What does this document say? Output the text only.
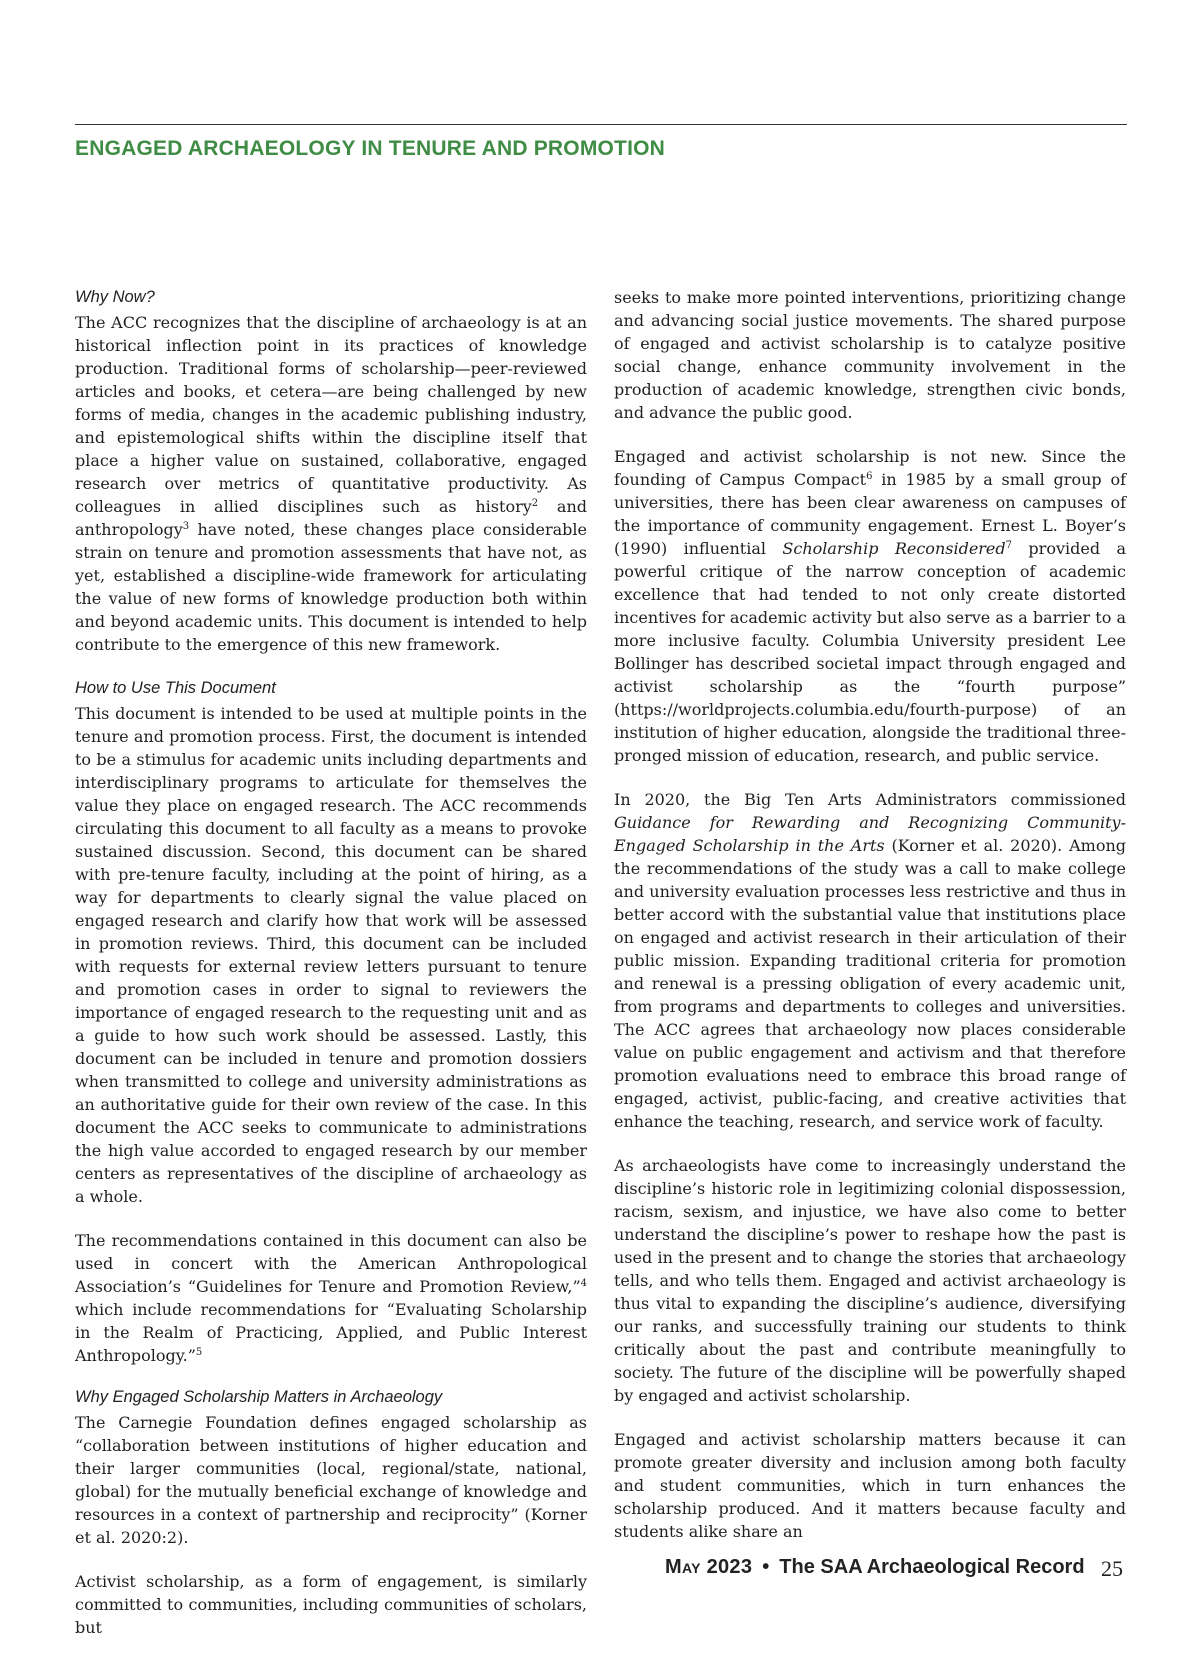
ENGAGED ARCHAEOLOGY IN TENURE AND PROMOTION
Why Now?

The ACC recognizes that the discipline of archaeology is at an historical inflection point in its practices of knowledge production. Traditional forms of scholarship—peer-reviewed articles and books, et cetera—are being challenged by new forms of media, changes in the academic publishing industry, and epistemological shifts within the discipline itself that place a higher value on sustained, collaborative, engaged research over metrics of quantitative productivity. As colleagues in allied disciplines such as history$^2$ and anthropology$^3$ have noted, these changes place considerable strain on tenure and promotion assessments that have not, as yet, established a discipline-wide framework for articulating the value of new forms of knowledge production both within and beyond academic units. This document is intended to help contribute to the emergence of this new framework.

How to Use This Document

This document is intended to be used at multiple points in the tenure and promotion process. First, the document is intended to be a stimulus for academic units including departments and interdisciplinary programs to articulate for themselves the value they place on engaged research. The ACC recommends circulating this document to all faculty as a means to provoke sustained discussion. Second, this document can be shared with pre-tenure faculty, including at the point of hiring, as a way for departments to clearly signal the value placed on engaged research and clarify how that work will be assessed in promotion reviews. Third, this document can be included with requests for external review letters pursuant to tenure and promotion cases in order to signal to reviewers the importance of engaged research to the requesting unit and as a guide to how such work should be assessed. Lastly, this document can be included in tenure and promotion dossiers when transmitted to college and university administrations as an authoritative guide for their own review of the case. In this document the ACC seeks to communicate to administrations the high value accorded to engaged research by our member centers as representatives of the discipline of archaeology as a whole.

The recommendations contained in this document can also be used in concert with the American Anthropological Association’s “Guidelines for Tenure and Promotion Review,”$^4$ which include recommendations for “Evaluating Scholarship in the Realm of Practicing, Applied, and Public Interest Anthropology.”$^5$

Why Engaged Scholarship Matters in Archaeology

The Carnegie Foundation defines engaged scholarship as “collaboration between institutions of higher education and their larger communities (local, regional/state, national, global) for the mutually beneficial exchange of knowledge and resources in a context of partnership and reciprocity” (Korner et al. 2020:2).

Activist scholarship, as a form of engagement, is similarly committed to communities, including communities of scholars, but

seeks to make more pointed interventions, prioritizing change and advancing social justice movements. The shared purpose of engaged and activist scholarship is to catalyze positive social change, enhance community involvement in the production of academic knowledge, strengthen civic bonds, and advance the public good.

Engaged and activist scholarship is not new. Since the founding of Campus Compact$^6$ in 1985 by a small group of universities, there has been clear awareness on campuses of the importance of community engagement. Ernest L. Boyer’s (1990) influential Scholarship Reconsidered$^7$ provided a powerful critique of the narrow conception of academic excellence that had tended to not only create distorted incentives for academic activity but also serve as a barrier to a more inclusive faculty. Columbia University president Lee Bollinger has described societal impact through engaged and activist scholarship as the “fourth purpose” (https://worldprojects.columbia.edu/fourth-purpose) of an institution of higher education, alongside the traditional three-pronged mission of education, research, and public service.

In 2020, the Big Ten Arts Administrators commissioned Guidance for Rewarding and Recognizing Community-Engaged Scholarship in the Arts (Korner et al. 2020). Among the recommendations of the study was a call to make college and university evaluation processes less restrictive and thus in better accord with the substantial value that institutions place on engaged and activist research in their articulation of their public mission. Expanding traditional criteria for promotion and renewal is a pressing obligation of every academic unit, from programs and departments to colleges and universities. The ACC agrees that archaeology now places considerable value on public engagement and activism and that therefore promotion evaluations need to embrace this broad range of engaged, activist, public-facing, and creative activities that enhance the teaching, research, and service work of faculty.

As archaeologists have come to increasingly understand the discipline’s historic role in legitimizing colonial dispossession, racism, sexism, and injustice, we have also come to better understand the discipline’s power to reshape how the past is used in the present and to change the stories that archaeology tells, and who tells them. Engaged and activist archaeology is thus vital to expanding the discipline’s audience, diversifying our ranks, and successfully training our students to think critically about the past and contribute meaningfully to society. The future of the discipline will be powerfully shaped by engaged and activist scholarship.

Engaged and activist scholarship matters because it can promote greater diversity and inclusion among both faculty and student communities, which in turn enhances the scholarship produced. And it matters because faculty and students alike share an

May 2023 • The SAA Archaeological Record 25
